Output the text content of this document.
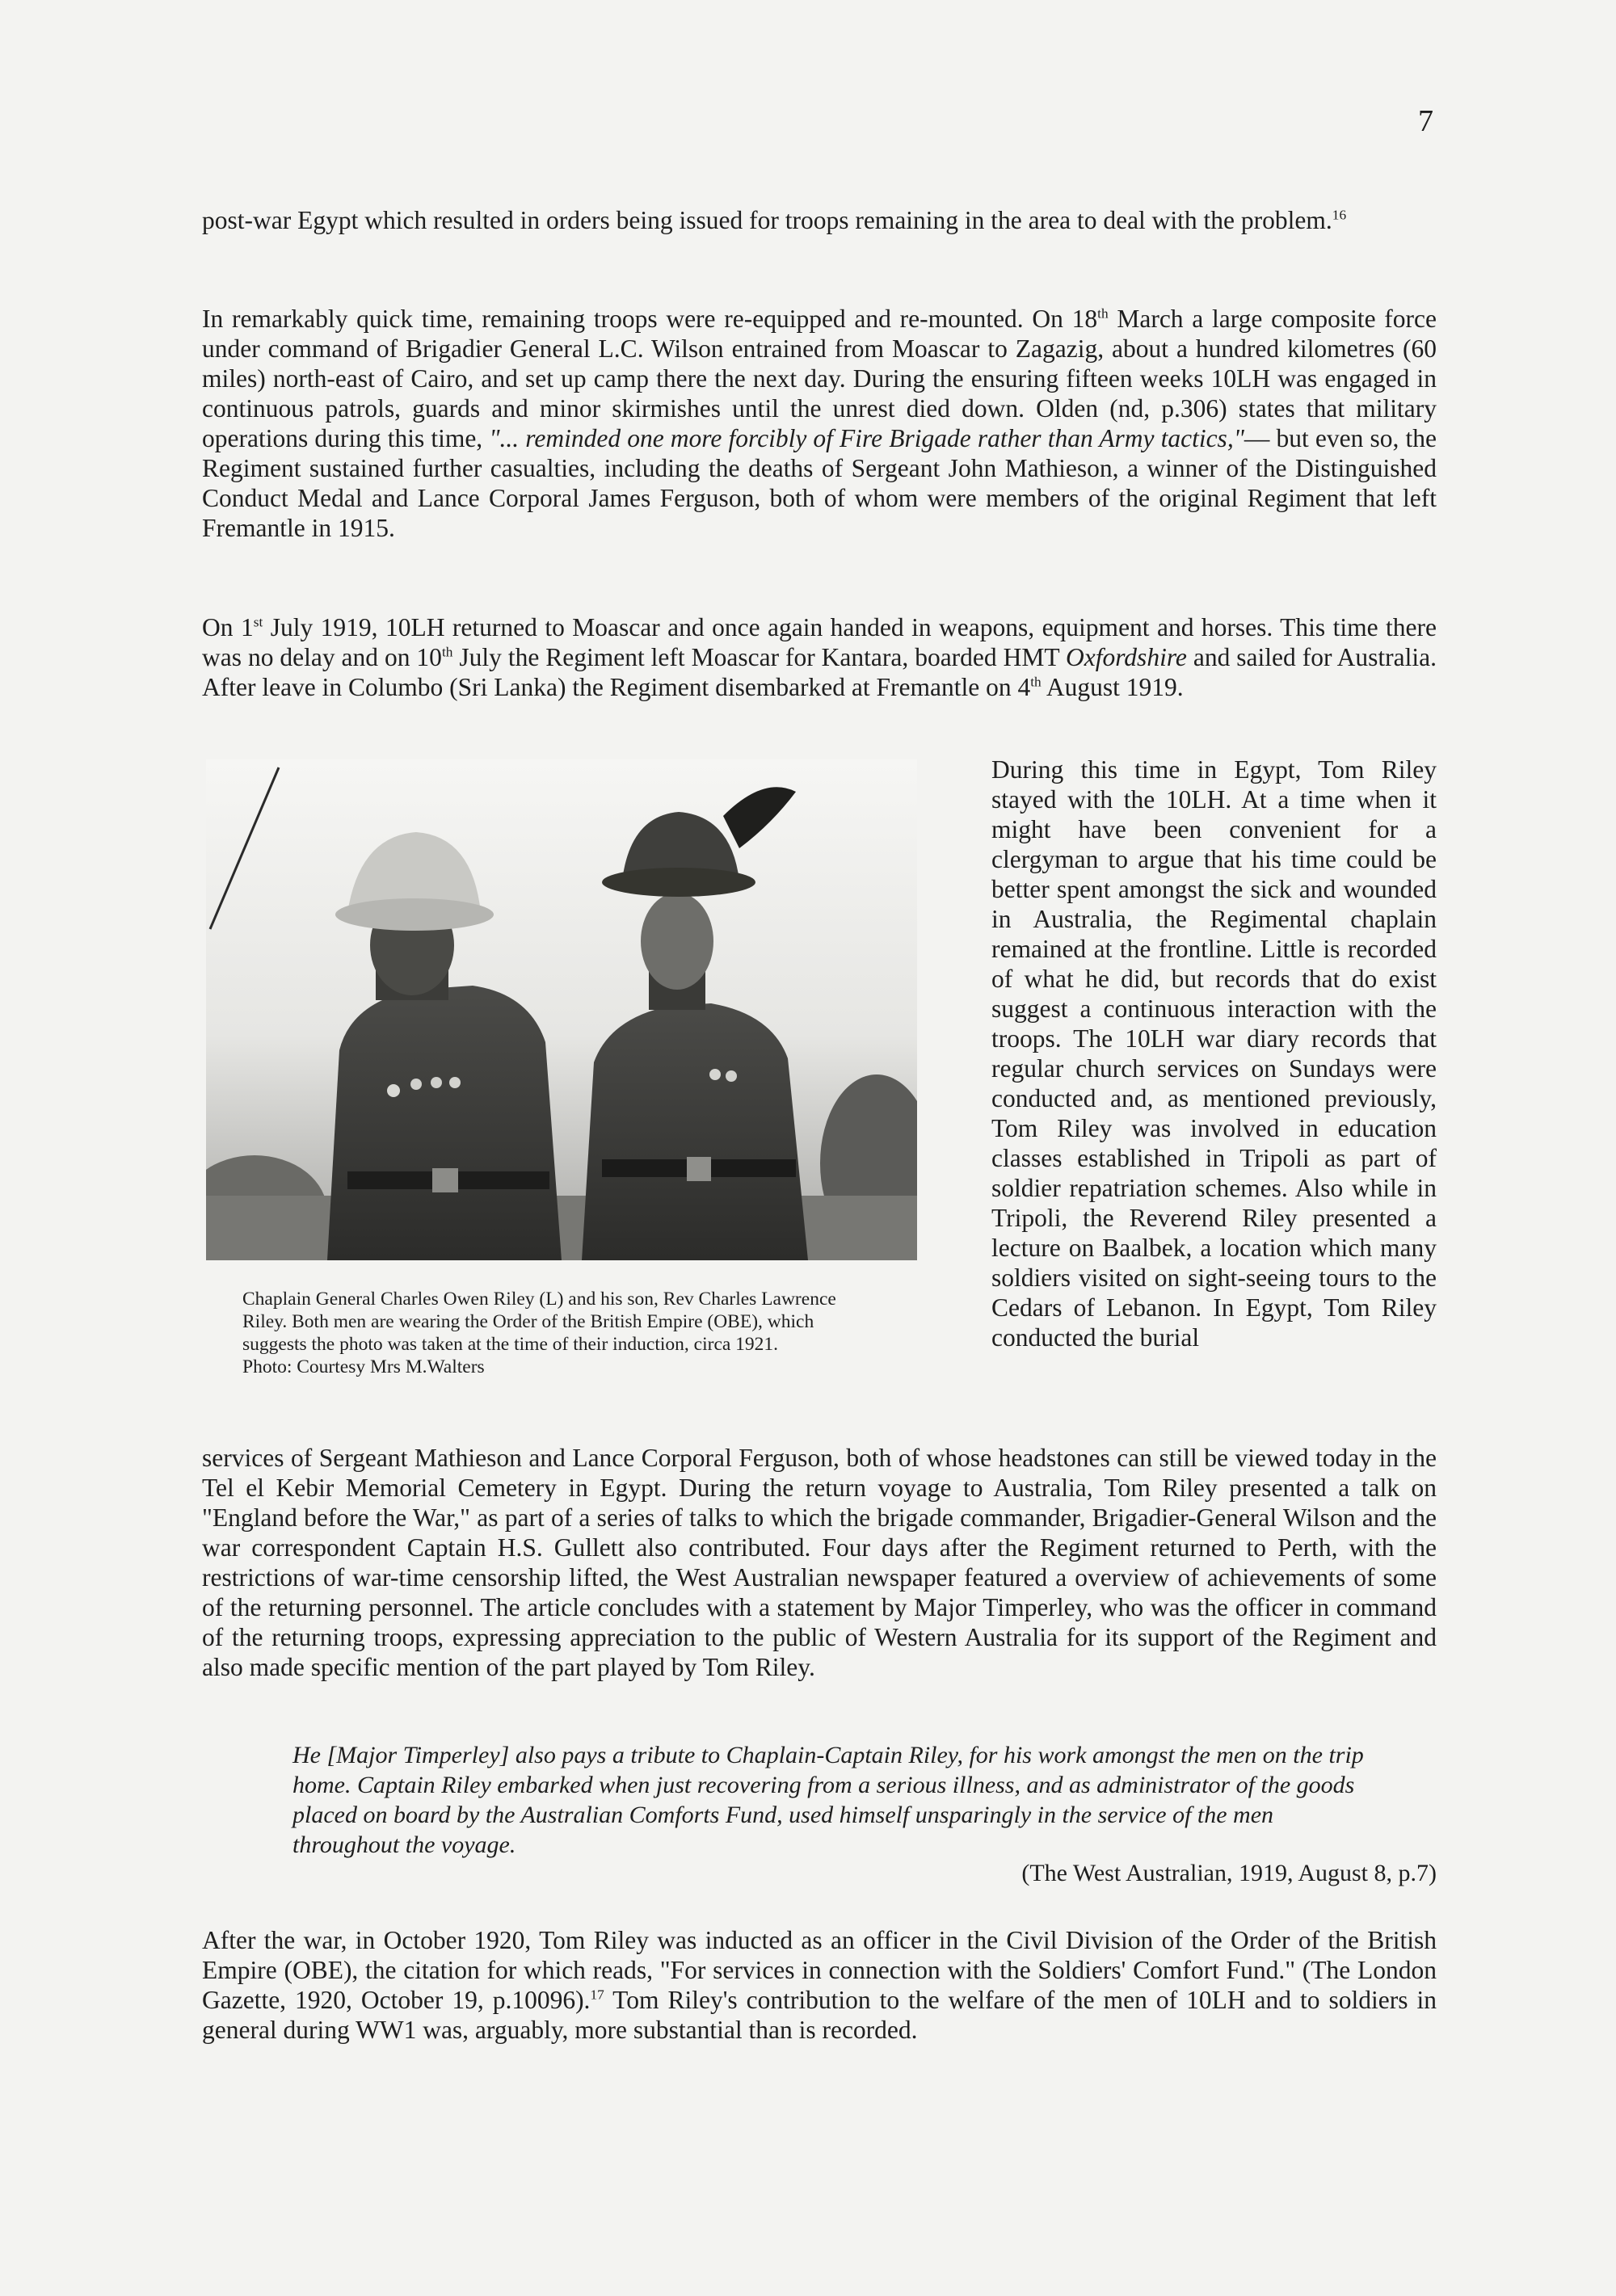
7

post-war Egypt which resulted in orders being issued for troops remaining in the area to deal with the problem.$^{16}$

In remarkably quick time, remaining troops were re-equipped and re-mounted. On 18th March a large composite force under command of Brigadier General L.C. Wilson entrained from Moascar to Zagazig, about a hundred kilometres (60 miles) north-east of Cairo, and set up camp there the next day. During the ensuring fifteen weeks 10LH was engaged in continuous patrols, guards and minor skirmishes until the unrest died down. Olden (nd, p.306) states that military operations during this time, "... reminded one more forcibly of Fire Brigade rather than Army tactics,"— but even so, the Regiment sustained further casualties, including the deaths of Sergeant John Mathieson, a winner of the Distinguished Conduct Medal and Lance Corporal James Ferguson, both of whom were members of the original Regiment that left Fremantle in 1915.

On 1st July 1919, 10LH returned to Moascar and once again handed in weapons, equipment and horses. This time there was no delay and on 10th July the Regiment left Moascar for Kantara, boarded HMT Oxfordshire and sailed for Australia. After leave in Columbo (Sri Lanka) the Regiment disembarked at Fremantle on 4th August 1919.

Chaplain General Charles Owen Riley (L) and his son, Rev Charles Lawrence Riley. Both men are wearing the Order of the British Empire (OBE), which suggests the photo was taken at the time of their induction, circa 1921.
Photo: Courtesy Mrs M.Walters
During this time in Egypt, Tom Riley stayed with the 10LH. At a time when it might have been convenient for a clergyman to argue that his time could be better spent amongst the sick and wounded in Australia, the Regimental chaplain remained at the frontline. Little is recorded of what he did, but records that do exist suggest a continuous interaction with the troops. The 10LH war diary records that regular church services on Sundays were conducted and, as mentioned previously, Tom Riley was involved in education classes established in Tripoli as part of soldier repatriation schemes. Also while in Tripoli, the Reverend Riley presented a lecture on Baalbek, a location which many soldiers visited on sight-seeing tours to the Cedars of Lebanon. In Egypt, Tom Riley conducted the burial
services of Sergeant Mathieson and Lance Corporal Ferguson, both of whose headstones can still be viewed today in the Tel el Kebir Memorial Cemetery in Egypt. During the return voyage to Australia, Tom Riley presented a talk on "England before the War," as part of a series of talks to which the brigade commander, Brigadier-General Wilson and the war correspondent Captain H.S. Gullett also contributed. Four days after the Regiment returned to Perth, with the restrictions of war-time censorship lifted, the West Australian newspaper featured a overview of achievements of some of the returning personnel. The article concludes with a statement by Major Timperley, who was the officer in command of the returning troops, expressing appreciation to the public of Western Australia for its support of the Regiment and also made specific mention of the part played by Tom Riley.
He [Major Timperley] also pays a tribute to Chaplain-Captain Riley, for his work amongst the men on the trip home. Captain Riley embarked when just recovering from a serious illness, and as administrator of the goods placed on board by the Australian Comforts Fund, used himself unsparingly in the service of the men throughout the voyage.
(The West Australian, 1919, August 8, p.7)
After the war, in October 1920, Tom Riley was inducted as an officer in the Civil Division of the Order of the British Empire (OBE), the citation for which reads, "For services in connection with the Soldiers' Comfort Fund." (The London Gazette, 1920, October 19, p.10096).$^{17}$ Tom Riley's contribution to the welfare of the men of 10LH and to soldiers in general during WW1 was, arguably, more substantial than is recorded.
